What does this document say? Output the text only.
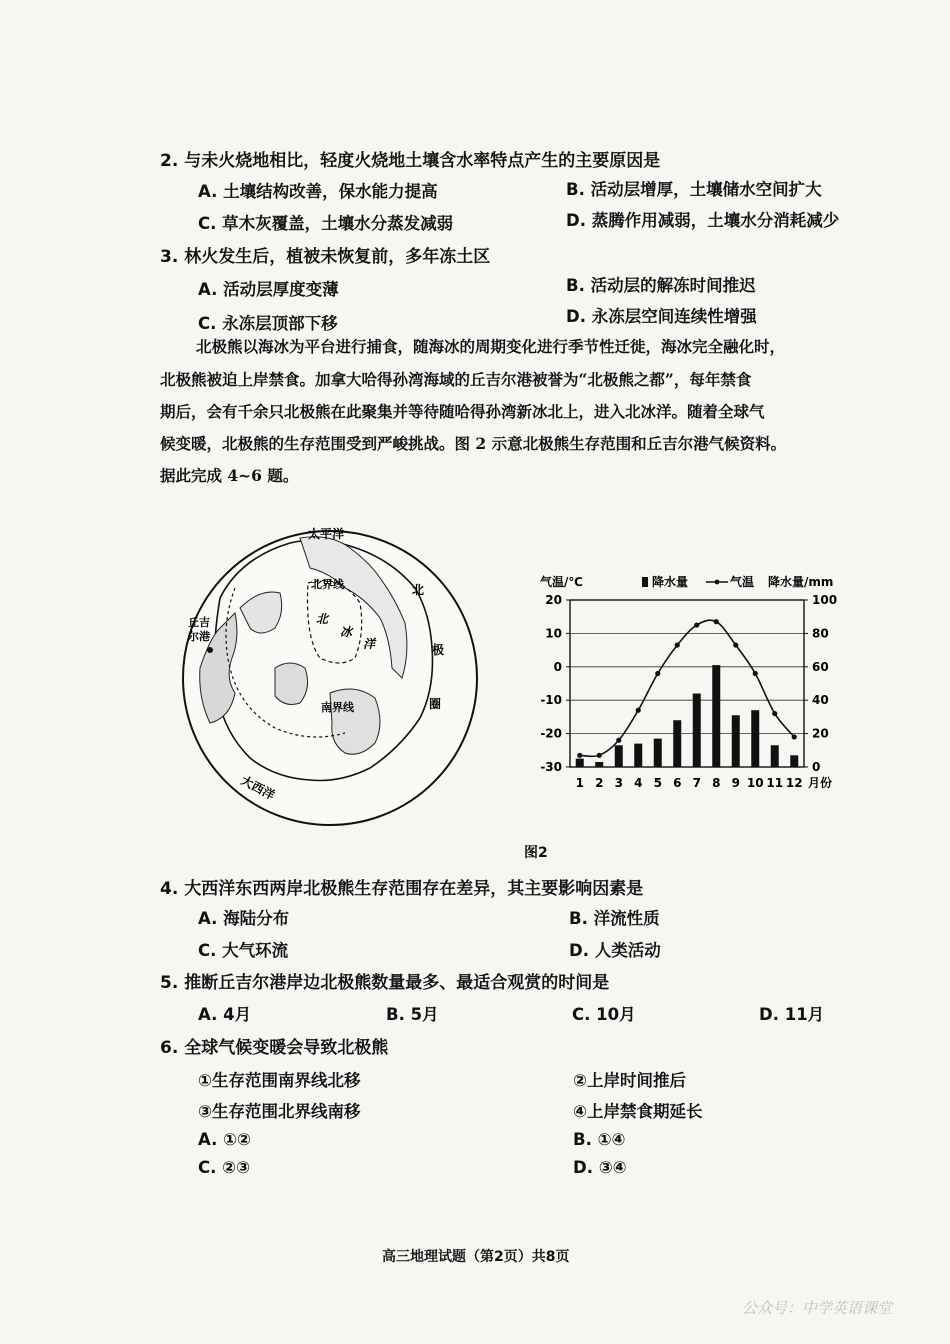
2. 与未火烧地相比，轻度火烧地土壤含水率特点产生的主要原因是
A. 土壤结构改善，保水能力提高	B. 活动层增厚，土壤储水空间扩大
C. 草木灰覆盖，土壤水分蒸发减弱	D. 蒸腾作用减弱，土壤水分消耗减少
3. 林火发生后，植被未恢复前，多年冻土区
A. 活动层厚度变薄	B. 活动层的解冻时间推迟
C. 永冻层顶部下移	D. 永冻层空间连续性增强
北极熊以海冰为平台进行捕食，随海冰的周期变化进行季节性迁徙，海冰完全融化时，
北极熊被迫上岸禁食。加拿大哈得孙湾海域的丘吉尔港被誉为“北极熊之都”，每年禁食
期后，会有千余只北极熊在此聚集并等待随哈得孙湾新冰北上，进入北冰洋。随着全球气
候变暖，北极熊的生存范围受到严峻挑战。图 2 示意北极熊生存范围和丘吉尔港气候资料。
据此完成 4~6 题。
太平洋
大西洋
北界线
南界线
丘吉
尔港
北
极
圈
北
冰
洋
气温/℃	降水量	气温 降水量/mm
20
10
0
-10
-20
-30
100
80
60
40
20
0
1 2 3 4 5 6 7 8 9 10 11 12 月份
图2
4. 大西洋东西两岸北极熊生存范围存在差异，其主要影响因素是
A. 海陆分布	B. 洋流性质
C. 大气环流	D. 人类活动
5. 推断丘吉尔港岸边北极熊数量最多、最适合观赏的时间是
A. 4月	B. 5月	C. 10月	D. 11月
6. 全球气候变暖会导致北极熊
①生存范围南界线北移	②上岸时间推后
③生存范围北界线南移	④上岸禁食期延长
A. ①②	B. ①④
C. ②③	D. ③④
高三地理试题（第2页）共8页
公众号：中学英语课堂
